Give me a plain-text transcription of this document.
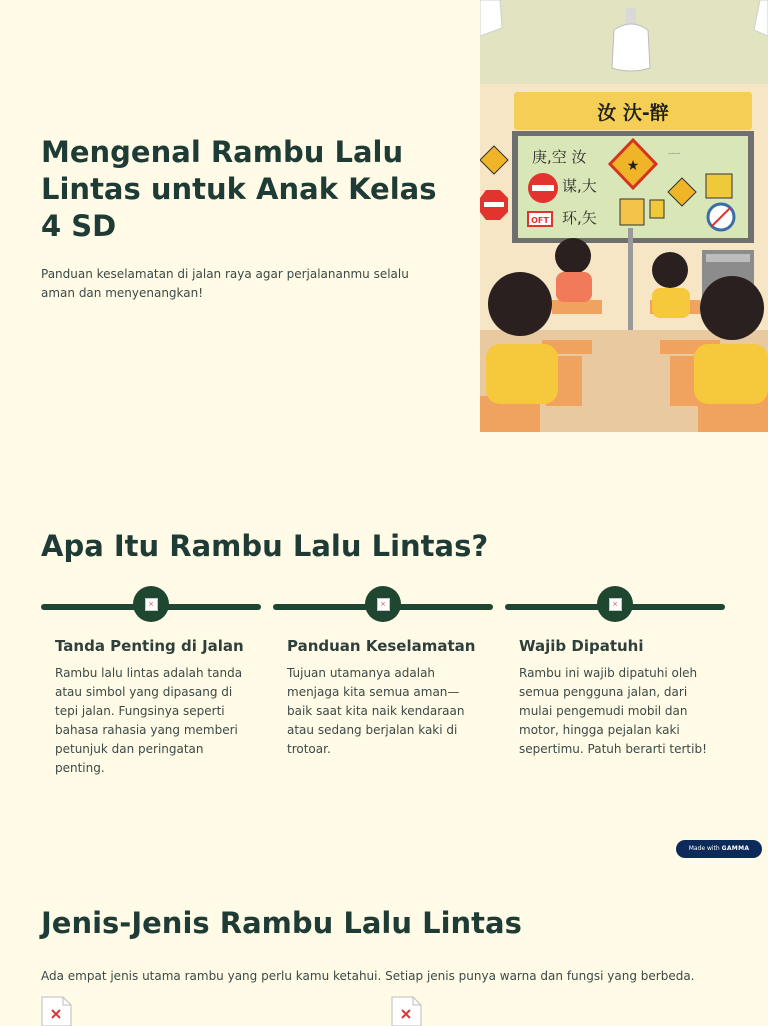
Mengenal Rambu Lalu Lintas untuk Anak Kelas 4 SD

Panduan keselamatan di jalan raya agar perjalananmu selalu aman dan menyenangkan!

汝 汏-辥
庚,空 汝
谋,大
环,矢
一一
★
OFT
Apa Itu Rambu Lalu Lintas?
×
Tanda Penting di Jalan

Rambu lalu lintas adalah tanda atau simbol yang dipasang di tepi jalan. Fungsinya seperti bahasa rahasia yang memberi petunjuk dan peringatan penting.

×
Panduan Keselamatan

Tujuan utamanya adalah menjaga kita semua aman—baik saat kita naik kendaraan atau sedang berjalan kaki di trotoar.

×
Wajib Dipatuhi

Rambu ini wajib dipatuhi oleh semua pengguna jalan, dari mulai pengemudi mobil dan motor, hingga pejalan kaki sepertimu. Patuh berarti tertib!

Made with GAMMA
Jenis-Jenis Rambu Lalu Lintas

Ada empat jenis utama rambu yang perlu kamu ketahui. Setiap jenis punya warna dan fungsi yang berbeda.
